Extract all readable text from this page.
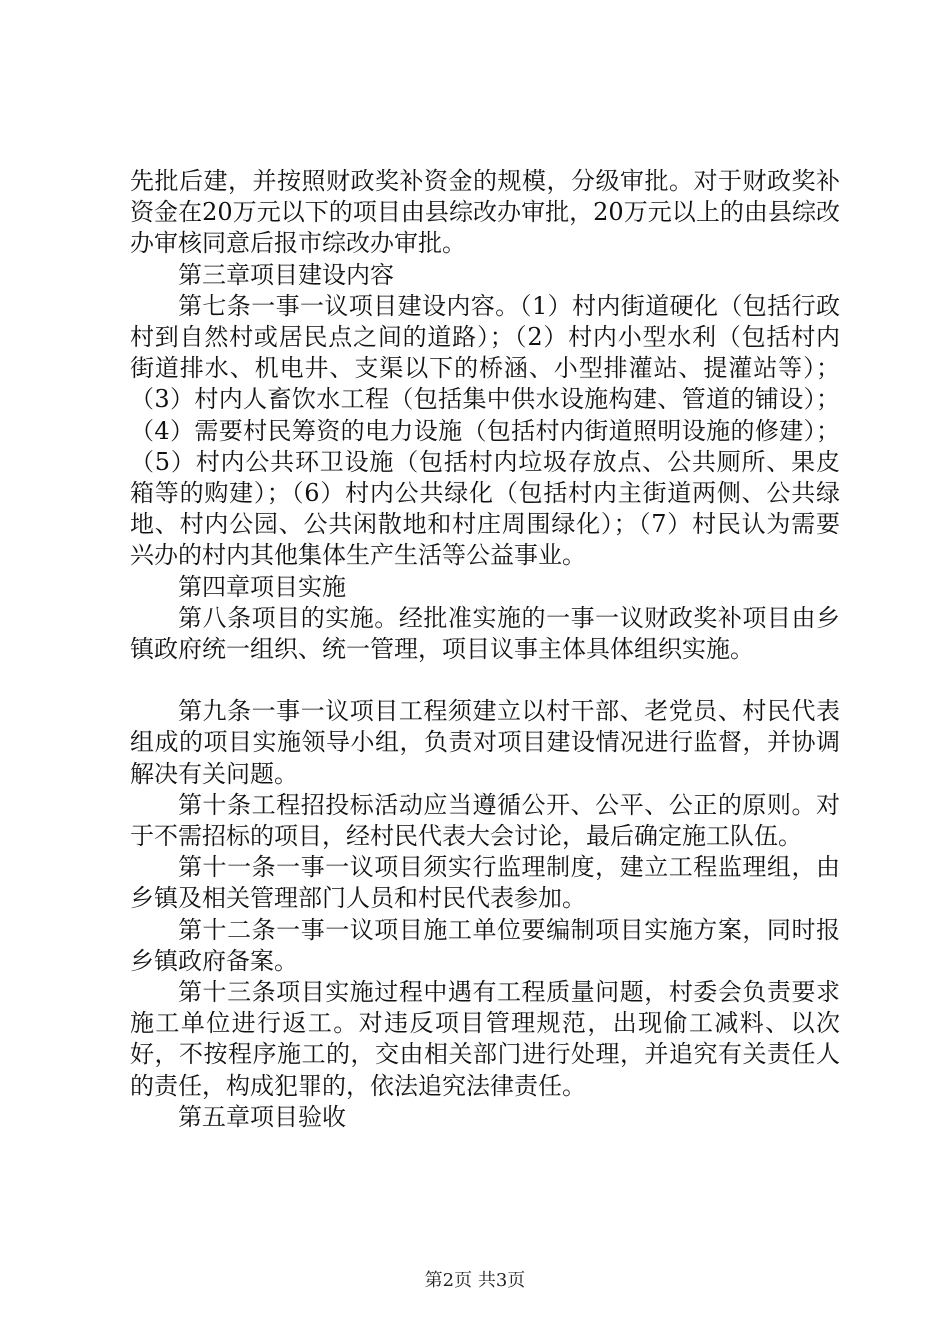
先批后建，并按照财政奖补资金的规模，分级审批。对于财政奖补资金在20万元以下的项目由县综改办审批，20万元以上的由县综改办审核同意后报市综改办审批。

第三章项目建设内容

第七条一事一议项目建设内容。（1）村内街道硬化（包括行政村到自然村或居民点之间的道路）；（2）村内小型水利（包括村内街道排水、机电井、支渠以下的桥涵、小型排灌站、提灌站等）；（3）村内人畜饮水工程（包括集中供水设施构建、管道的铺设）；（4）需要村民筹资的电力设施（包括村内街道照明设施的修建）；（5）村内公共环卫设施（包括村内垃圾存放点、公共厕所、果皮箱等的购建）；（6）村内公共绿化（包括村内主街道两侧、公共绿地、村内公园、公共闲散地和村庄周围绿化）；（7）村民认为需要兴办的村内其他集体生产生活等公益事业。

第四章项目实施

第八条项目的实施。经批准实施的一事一议财政奖补项目由乡镇政府统一组织、统一管理，项目议事主体具体组织实施。

第九条一事一议项目工程须建立以村干部、老党员、村民代表组成的项目实施领导小组，负责对项目建设情况进行监督，并协调解决有关问题。

第十条工程招投标活动应当遵循公开、公平、公正的原则。对于不需招标的项目，经村民代表大会讨论，最后确定施工队伍。

第十一条一事一议项目须实行监理制度，建立工程监理组，由乡镇及相关管理部门人员和村民代表参加。

第十二条一事一议项目施工单位要编制项目实施方案，同时报乡镇政府备案。

第十三条项目实施过程中遇有工程质量问题，村委会负责要求施工单位进行返工。对违反项目管理规范，出现偷工减料、以次好，不按程序施工的，交由相关部门进行处理，并追究有关责任人的责任，构成犯罪的，依法追究法律责任。

第五章项目验收

第2页 共3页
